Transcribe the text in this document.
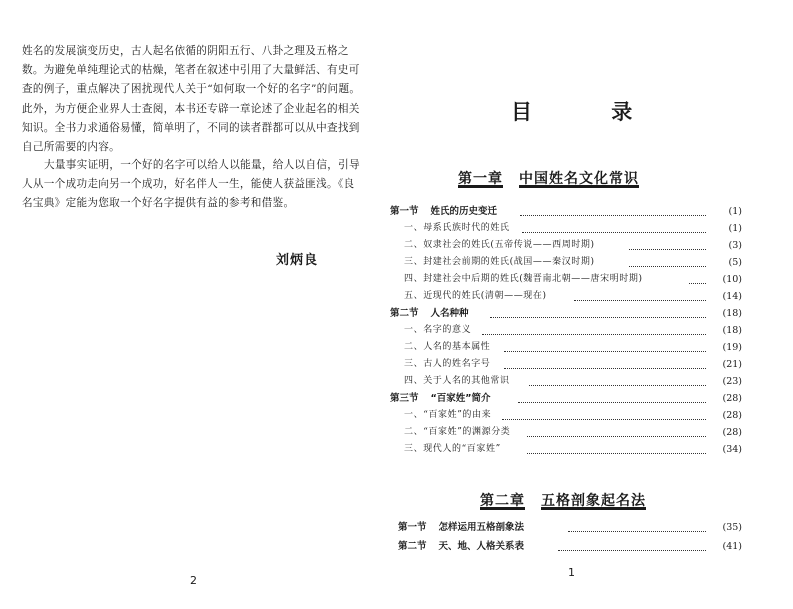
姓名的发展演变历史，古人起名依循的阴阳五行、八卦之理及五格之数。为避免单纯理论式的枯燥，笔者在叙述中引用了大量鲜活、有史可查的例子，重点解决了困扰现代人关于“如何取一个好的名字”的问题。此外，为方便企业界人士查阅，本书还专辟一章论述了企业起名的相关知识。全书力求通俗易懂，简单明了，不同的读者群都可以从中查找到自己所需要的内容。

大量事实证明，一个好的名字可以给人以能量，给人以自信，引导人从一个成功走向另一个成功，好名伴人一生，能使人获益匪浅。《良名宝典》定能为您取一个好名字提供有益的参考和借鉴。

刘炳良
2
目 录
第一章 中国姓名文化常识
第一节 姓氏的历史变迁	(1)
一、母系氏族时代的姓氏	(1)
二、奴隶社会的姓氏(五帝传说——西周时期)	(3)
三、封建社会前期的姓氏(战国——秦汉时期)	(5)
四、封建社会中后期的姓氏(魏晋南北朝——唐宋明时期)	(10)
五、近现代的姓氏(清朝——现在)	(14)
第二节 人名种种	(18)
一、名字的意义	(18)
二、人名的基本属性	(19)
三、古人的姓名字号	(21)
四、关于人名的其他常识	(23)
第三节 “百家姓”简介	(28)
一、“百家姓”的由来	(28)
二、“百家姓”的渊源分类	(28)
三、现代人的“百家姓”	(34)
第二章 五格剖象起名法
第一节 怎样运用五格剖象法	(35)
第二节 天、地、人格关系表	(41)
1
